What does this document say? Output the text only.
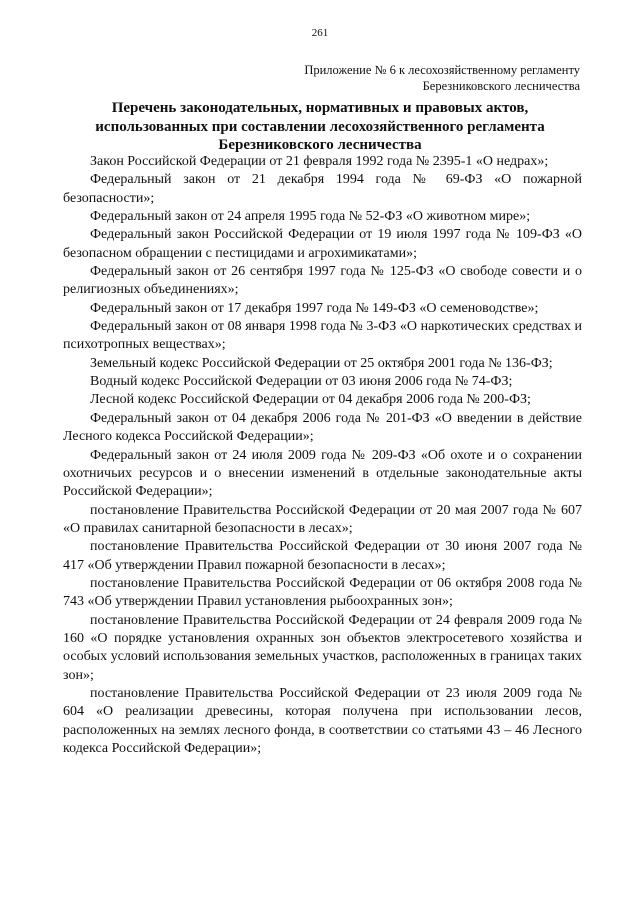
261
Приложение № 6 к лесохозяйственному регламенту
Березниковского лесничества
Перечень законодательных, нормативных и правовых актов,
использованных при составлении лесохозяйственного регламента
Березниковского лесничества

Закон Российской Федерации от 21 февраля 1992 года № 2395-1 «О недрах»;

Федеральный закон от 21 декабря 1994 года № 69-ФЗ «О пожарной безопасности»;

Федеральный закон от 24 апреля 1995 года № 52-ФЗ «О животном мире»;

Федеральный закон Российской Федерации от 19 июля 1997 года № 109-ФЗ «О безопасном обращении с пестицидами и агрохимикатами»;

Федеральный закон от 26 сентября 1997 года № 125-ФЗ «О свободе совести и о религиозных объединениях»;

Федеральный закон от 17 декабря 1997 года № 149-ФЗ «О семеноводстве»;

Федеральный закон от 08 января 1998 года № 3-ФЗ «О наркотических средствах и психотропных веществах»;

Земельный кодекс Российской Федерации от 25 октября 2001 года № 136-ФЗ;

Водный кодекс Российской Федерации от 03 июня 2006 года № 74-ФЗ;

Лесной кодекс Российской Федерации от 04 декабря 2006 года № 200-ФЗ;

Федеральный закон от 04 декабря 2006 года № 201-ФЗ «О введении в действие Лесного кодекса Российской Федерации»;

Федеральный закон от 24 июля 2009 года № 209-ФЗ «Об охоте и о сохранении охотничьих ресурсов и о внесении изменений в отдельные законодательные акты Российской Федерации»;

постановление Правительства Российской Федерации от 20 мая 2007 года № 607 «О правилах санитарной безопасности в лесах»;

постановление Правительства Российской Федерации от 30 июня 2007 года № 417 «Об утверждении Правил пожарной безопасности в лесах»;

постановление Правительства Российской Федерации от 06 октября 2008 года № 743 «Об утверждении Правил установления рыбоохранных зон»;

постановление Правительства Российской Федерации от 24 февраля 2009 года № 160 «О порядке установления охранных зон объектов электросетевого хозяйства и особых условий использования земельных участков, расположенных в границах таких зон»;

постановление Правительства Российской Федерации от 23 июля 2009 года № 604 «О реализации древесины, которая получена при использовании лесов, расположенных на землях лесного фонда, в соответствии со статьями 43 – 46 Лесного кодекса Российской Федерации»;
